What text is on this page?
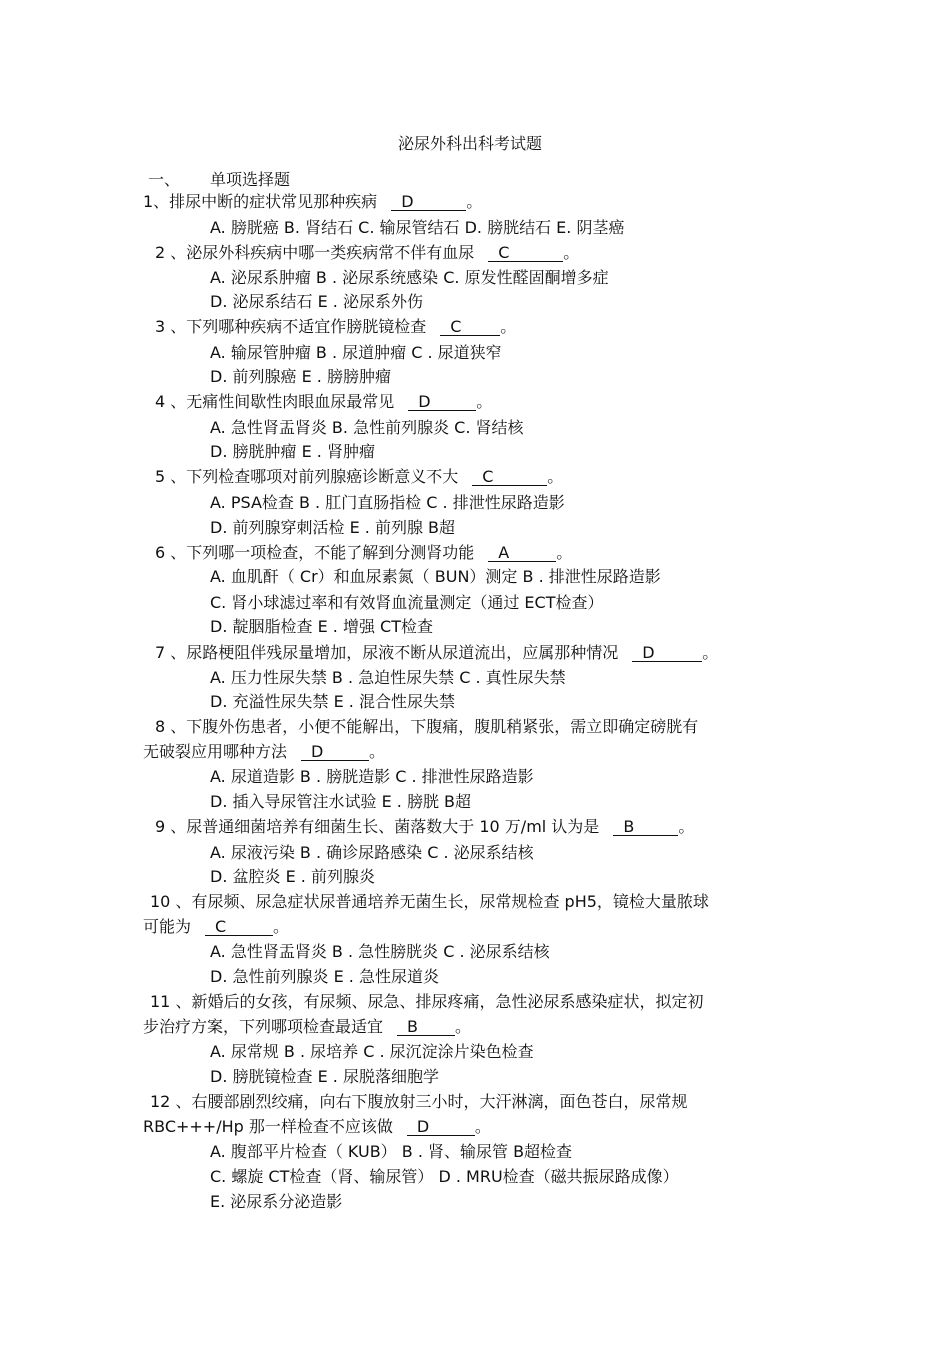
泌尿外科出科考试题
一、 单项选择题
1、排尿中断的症状常见那种疾病 D	。
A. 膀胱癌 B. 肾结石 C. 输尿管结石 D. 膀胱结石 E. 阴茎癌
2 、泌尿外科疾病中哪一类疾病常不伴有血尿 C	。
A. 泌尿系肿瘤 B . 泌尿系统感染 C. 原发性醛固酮增多症
D. 泌尿系结石 E . 泌尿系外伤
3 、下列哪种疾病不适宜作膀胱镜检查 C 。
A. 输尿管肿瘤 B . 尿道肿瘤 C . 尿道狭窄
D. 前列腺癌 E . 膀膀肿瘤
4 、无痛性间歇性肉眼血尿最常见 D	。
A. 急性肾盂肾炎 B. 急性前列腺炎 C. 肾结核
D. 膀胱肿瘤 E . 肾肿瘤
5 、下列检查哪项对前列腺癌诊断意义不大 C	。
A. PSA检查 B . 肛门直肠指检 C . 排泄性尿路造影
D. 前列腺穿刺活检 E . 前列腺 B超
6 、下列哪一项检查，不能了解到分测肾功能 A	。
A. 血肌酐（ Cr）和血尿素氮（ BUN）测定 B . 排泄性尿路造影
C. 肾小球滤过率和有效肾血流量测定（通过 ECT检查）
D. 靛胭脂检查 E . 增强 CT检查
7 、尿路梗阻伴残尿量增加，尿液不断从尿道流出，应属那种情况 D	。
A. 压力性尿失禁 B . 急迫性尿失禁 C . 真性尿失禁
D. 充溢性尿失禁 E . 混合性尿失禁
8 、下腹外伤患者，小便不能解出，下腹痛，腹肌稍紧张，需立即确定磅胱有
无破裂应用哪种方法 D	。
A. 尿道造影 B . 膀胱造影 C . 排泄性尿路造影
D. 插入导尿管注水试验 E . 膀胱 B超
9 、尿普通细菌培养有细菌生长、菌落数大于 10 万/ml 认为是 B	。
A. 尿液污染 B . 确诊尿路感染 C . 泌尿系结核
D. 盆腔炎 E . 前列腺炎
10 、有尿频、尿急症状尿普通培养无菌生长，尿常规检查 pH5，镜检大量脓球
可能为 C	。
A. 急性肾盂肾炎 B . 急性膀胱炎 C . 泌尿系结核
D. 急性前列腺炎 E . 急性尿道炎
11 、新婚后的女孩，有尿频、尿急、排尿疼痛，急性泌尿系感染症状，拟定初
步治疗方案，下列哪项检查最适宜 B 。
A. 尿常规 B . 尿培养 C . 尿沉淀涂片染色检查
D. 膀胱镜检查 E . 尿脱落细胞学
12 、右腰部剧烈绞痛，向右下腹放射三小时，大汗淋漓，面色苍白，尿常规
RBC+++/Hp 那一样检查不应该做 D	。
A. 腹部平片检查（ KUB） B . 肾、输尿管 B超检查
C. 螺旋 CT检查（肾、输尿管） D . MRU检查（磁共振尿路成像）
E. 泌尿系分泌造影
